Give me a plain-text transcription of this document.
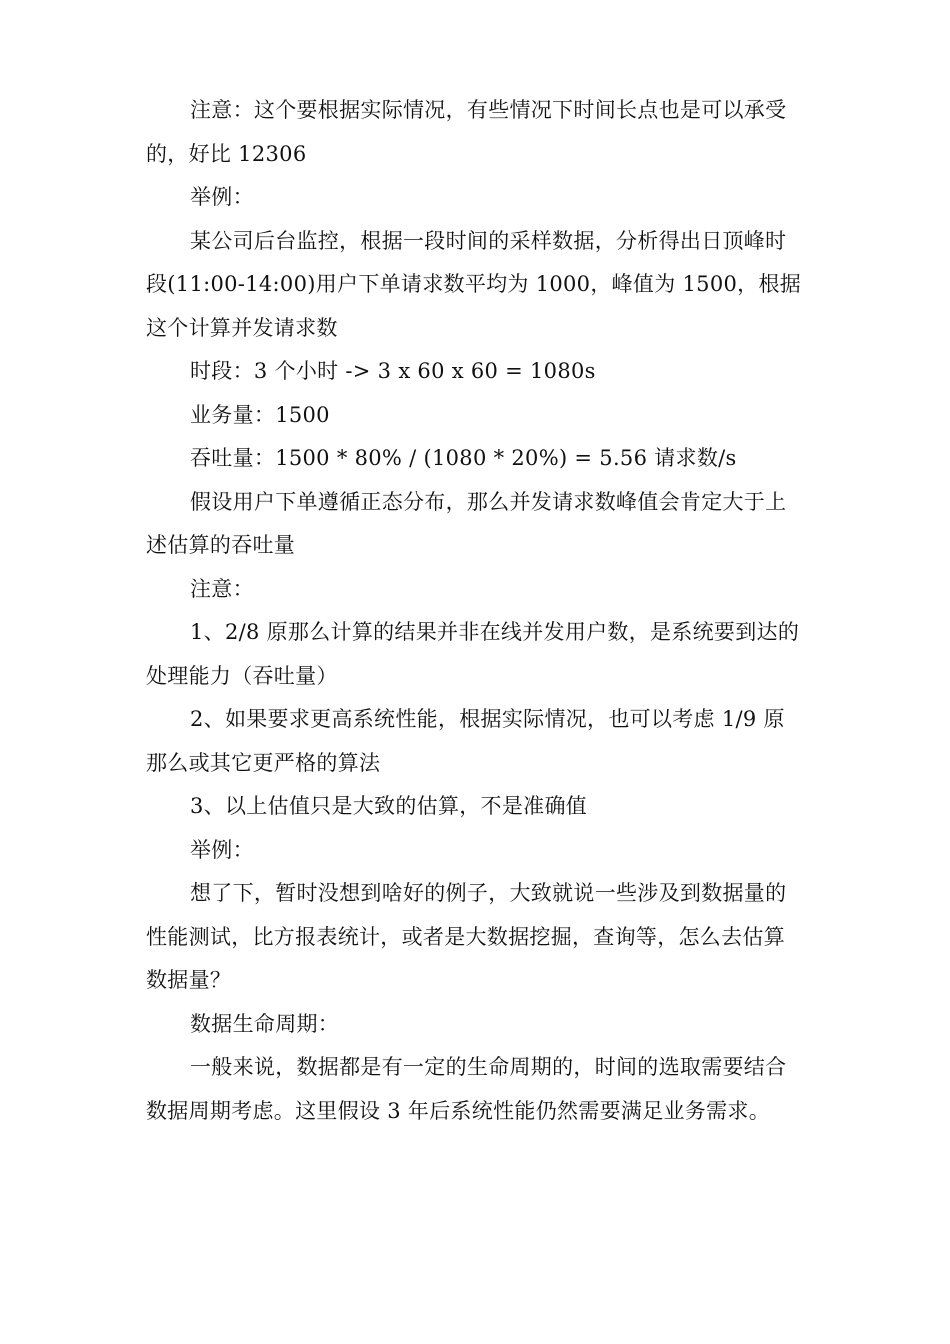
注意：这个要根据实际情况，有些情况下时间长点也是可以承受的，好比 12306

举例：

某公司后台监控，根据一段时间的采样数据，分析得出日顶峰时段(11:00-14:00)用户下单请求数平均为 1000，峰值为 1500，根据这个计算并发请求数

时段：3 个小时 -> 3 x 60 x 60 = 1080s

业务量：1500

吞吐量：1500 * 80% / (1080 * 20%) = 5.56 请求数/s

假设用户下单遵循正态分布，那么并发请求数峰值会肯定大于上述估算的吞吐量

注意：

1、2/8 原那么计算的结果并非在线并发用户数，是系统要到达的处理能力（吞吐量）

2、如果要求更高系统性能，根据实际情况，也可以考虑 1/9 原那么或其它更严格的算法

3、以上估值只是大致的估算，不是准确值

举例：

想了下，暂时没想到啥好的例子，大致就说一些涉及到数据量的性能测试，比方报表统计，或者是大数据挖掘，查询等，怎么去估算数据量？

数据生命周期：

一般来说，数据都是有一定的生命周期的，时间的选取需要结合数据周期考虑。这里假设 3 年后系统性能仍然需要满足业务需求。
